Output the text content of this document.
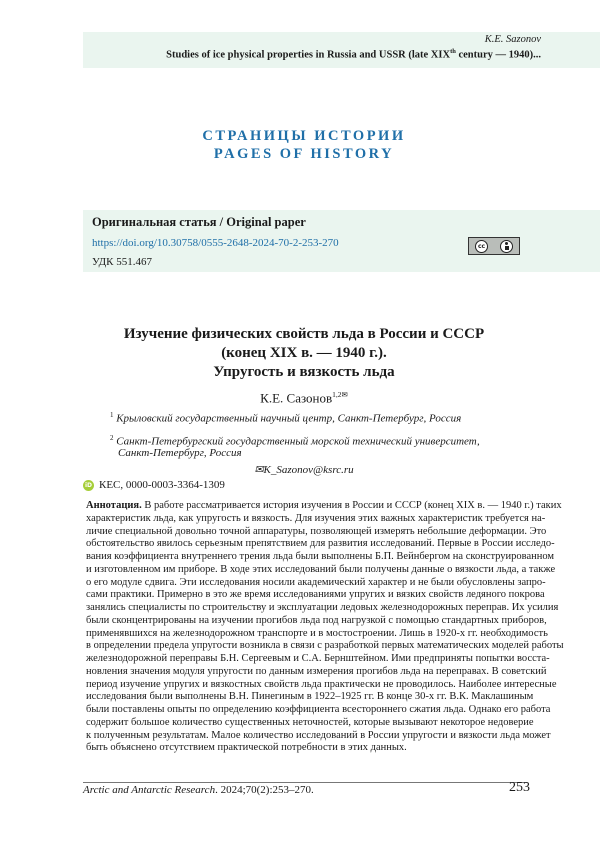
K.E. Sazonov
Studies of ice physical properties in Russia and USSR (late XIXth century — 1940)...
СТРАНИЦЫ ИСТОРИИ
PAGES OF HISTORY
Оригинальная статья / Original paper
https://doi.org/10.30758/0555-2648-2024-70-2-253-270
УДК 551.467
cc
Изучение физических свойств льда в России и СССР
(конец XIX в. — 1940 г.).
Упругость и вязкость льда
К.Е. Сазонов$^{1,2✉}$
$^1$ Крыловский государственный научный центр, Санкт-Петербург, Россия
$^2$ Санкт-Петербургский государственный морской технический университет,
Санкт-Петербург, Россия
✉K_Sazonov@ksrc.ru
iD КЕС, 0000-0003-3364-1309
Аннотация. В работе рассматривается история изучения в России и СССР (конец XIX в. — 1940 г.) таких
характеристик льда, как упругость и вязкость. Для изучения этих важных характеристик требуется на-
личие специальной довольно точной аппаратуры, позволяющей измерять небольшие деформации. Это
обстоятельство явилось серьезным препятствием для развития исследований. Первые в России исследо-
вания коэффициента внутреннего трения льда были выполнены Б.П. Вейнбергом на сконструированном
и изготовленном им приборе. В ходе этих исследований были получены данные о вязкости льда, а также
о его модуле сдвига. Эти исследования носили академический характер и не были обусловлены запро-
сами практики. Примерно в это же время исследованиями упругих и вязких свойств ледяного покрова
занялись специалисты по строительству и эксплуатации ледовых железнодорожных переправ. Их усилия
были сконцентрированы на изучении прогибов льда под нагрузкой с помощью стандартных приборов,
применявшихся на железнодорожном транспорте и в мостостроении. Лишь в 1920-х гг. необходимость
в определении предела упругости возникла в связи с разработкой первых математических моделей работы
железнодорожной переправы Б.Н. Сергеевым и С.А. Бернштейном. Ими предприняты попытки восста-
новления значения модуля упругости по данным измерения прогибов льда на переправах. В советский
период изучение упругих и вязкостных свойств льда практически не проводилось. Наиболее интересные
исследования были выполнены В.Н. Пинегиным в 1922–1925 гг. В конце 30-х гг. В.К. Маклашиным
были поставлены опыты по определению коэффициента всестороннего сжатия льда. Однако его работа
содержит большое количество существенных неточностей, которые вызывают некоторое недоверие
к полученным результатам. Малое количество исследований в России упругости и вязкости льда может
быть объяснено отсутствием практической потребности в этих данных.
Arctic and Antarctic Research. 2024;70(2):253–270.	253
